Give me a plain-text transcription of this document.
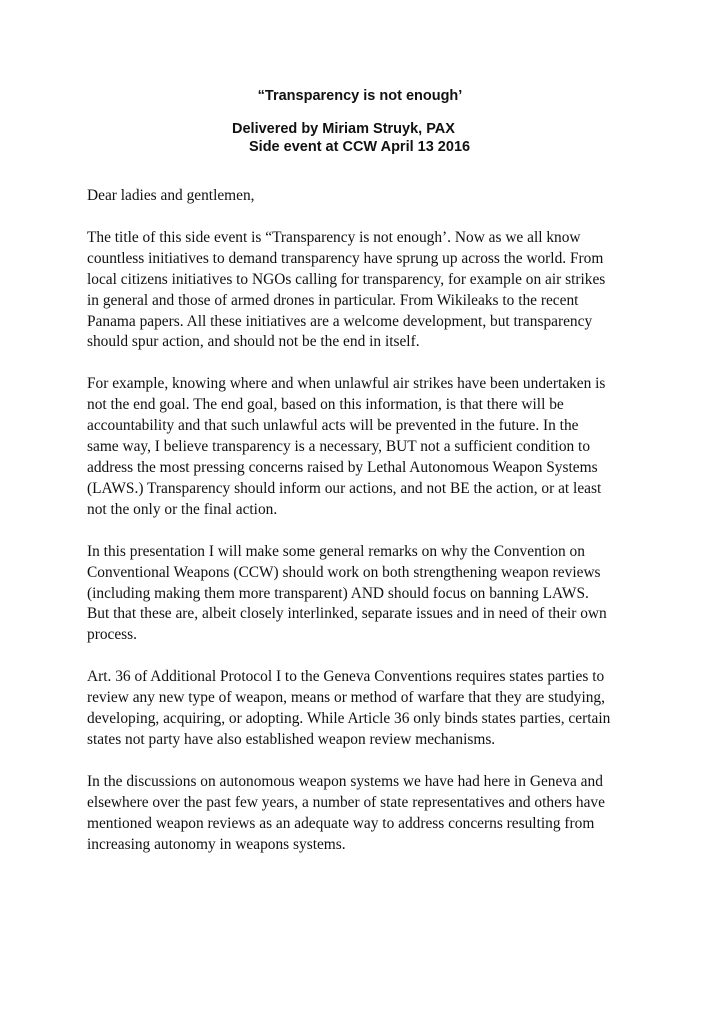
“Transparency is not enough’
Delivered by Miriam Struyk, PAX
Side event at CCW April 13 2016

Dear ladies and gentlemen,

The title of this side event is “Transparency is not enough’. Now as we all know
countless initiatives to demand transparency have sprung up across the world. From
local citizens initiatives to NGOs calling for transparency, for example on air strikes
in general and those of armed drones in particular. From Wikileaks to the recent
Panama papers. All these initiatives are a welcome development, but transparency
should spur action, and should not be the end in itself.

For example, knowing where and when unlawful air strikes have been undertaken is
not the end goal. The end goal, based on this information, is that there will be
accountability and that such unlawful acts will be prevented in the future. In the
same way, I believe transparency is a necessary, BUT not a sufficient condition to
address the most pressing concerns raised by Lethal Autonomous Weapon Systems
(LAWS.) Transparency should inform our actions, and not BE the action, or at least
not the only or the final action.

In this presentation I will make some general remarks on why the Convention on
Conventional Weapons (CCW) should work on both strengthening weapon reviews
(including making them more transparent) AND should focus on banning LAWS.
But that these are, albeit closely interlinked, separate issues and in need of their own
process.

Art. 36 of Additional Protocol I to the Geneva Conventions requires states parties to
review any new type of weapon, means or method of warfare that they are studying,
developing, acquiring, or adopting. While Article 36 only binds states parties, certain
states not party have also established weapon review mechanisms.

In the discussions on autonomous weapon systems we have had here in Geneva and
elsewhere over the past few years, a number of state representatives and others have
mentioned weapon reviews as an adequate way to address concerns resulting from
increasing autonomy in weapons systems.
